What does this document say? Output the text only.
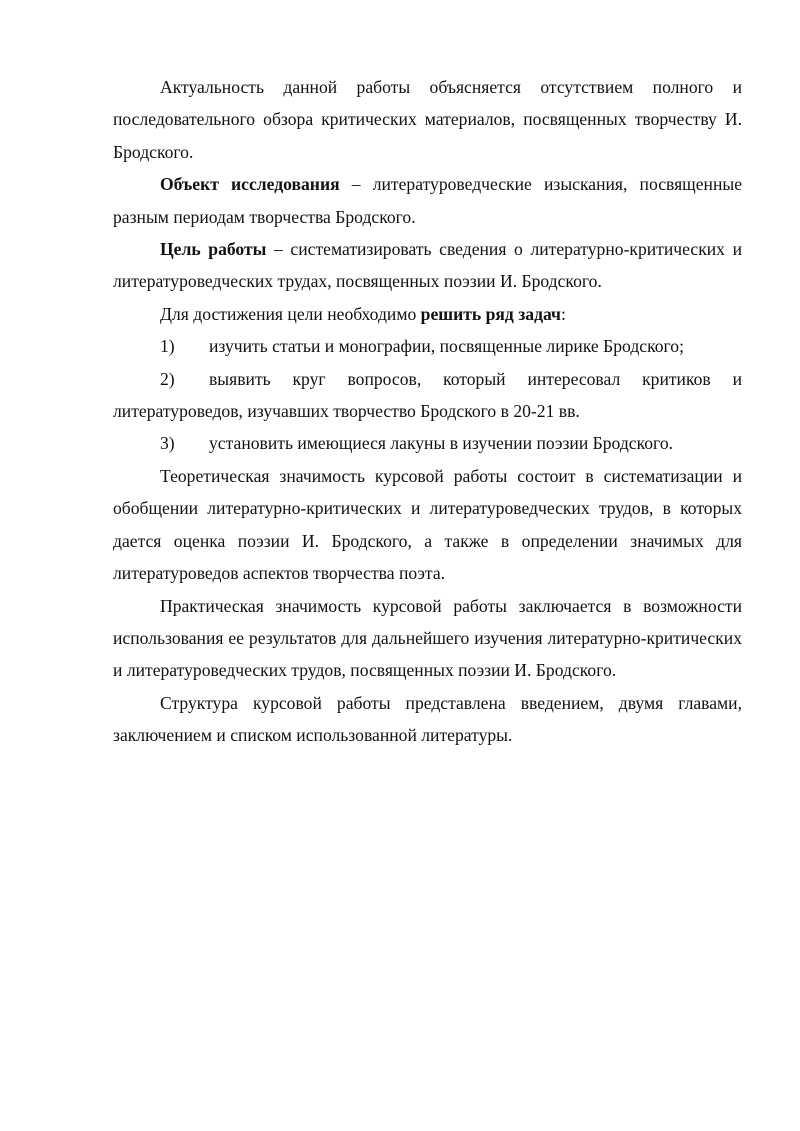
Актуальность данной работы объясняется отсутствием полного и последовательного обзора критических материалов, посвященных творчеству И. Бродского.

Объект исследования – литературоведческие изыскания, посвященные разным периодам творчества Бродского.

Цель работы – систематизировать сведения о литературно-критических и литературоведческих трудах, посвященных поэзии И. Бродского.

Для достижения цели необходимо решить ряд задач:

1) изучить статьи и монографии, посвященные лирике Бродского;

2) выявить круг вопросов, который интересовал критиков и литературоведов, изучавших творчество Бродского в 20-21 вв.

3) установить имеющиеся лакуны в изучении поэзии Бродского.

Теоретическая значимость курсовой работы состоит в систематизации и обобщении литературно-критических и литературоведческих трудов, в которых дается оценка поэзии И. Бродского, а также в определении значимых для литературоведов аспектов творчества поэта.

Практическая значимость курсовой работы заключается в возможности использования ее результатов для дальнейшего изучения литературно-критических и литературоведческих трудов, посвященных поэзии И. Бродского.

Структура курсовой работы представлена введением, двумя главами, заключением и списком использованной литературы.
